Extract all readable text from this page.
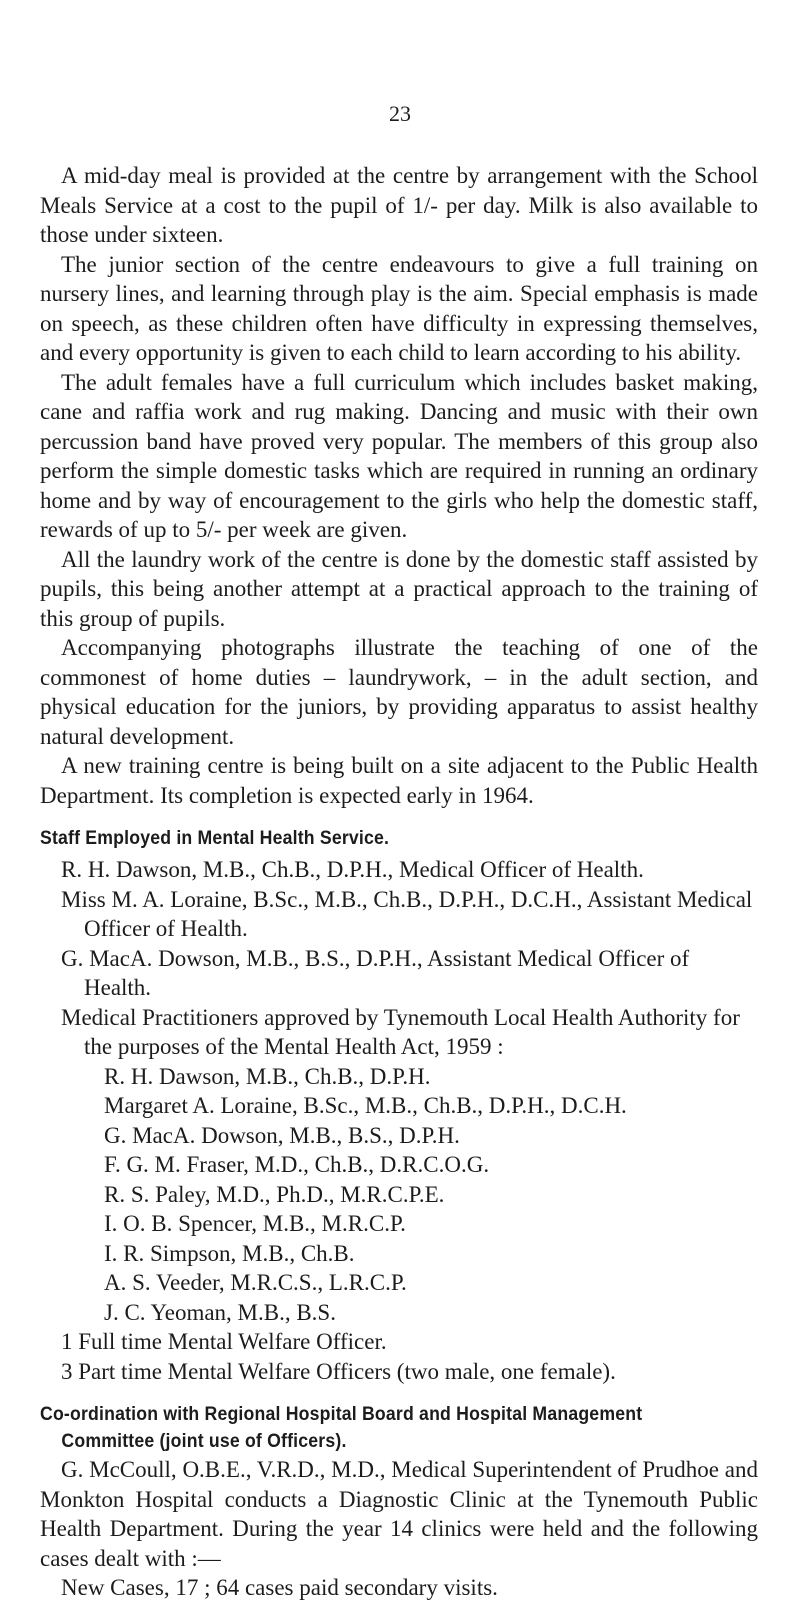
23

A mid-day meal is provided at the centre by arrangement with the School Meals Service at a cost to the pupil of 1/- per day. Milk is also available to those under sixteen.

The junior section of the centre endeavours to give a full training on nursery lines, and learning through play is the aim. Special emphasis is made on speech, as these children often have difficulty in expressing themselves, and every opportunity is given to each child to learn according to his ability.

The adult females have a full curriculum which includes basket making, cane and raffia work and rug making. Dancing and music with their own percussion band have proved very popular. The members of this group also perform the simple domestic tasks which are required in running an ordinary home and by way of encouragement to the girls who help the domestic staff, rewards of up to 5/- per week are given.

All the laundry work of the centre is done by the domestic staff assisted by pupils, this being another attempt at a practical approach to the training of this group of pupils.

Accompanying photographs illustrate the teaching of one of the commonest of home duties – laundrywork, – in the adult section, and physical education for the juniors, by providing apparatus to assist healthy natural development.

A new training centre is being built on a site adjacent to the Public Health Department. Its completion is expected early in 1964.

Staff Employed in Mental Health Service.

R. H. Dawson, M.B., Ch.B., D.P.H., Medical Officer of Health.

Miss M. A. Loraine, B.Sc., M.B., Ch.B., D.P.H., D.C.H., Assistant Medical Officer of Health.

G. MacA. Dowson, M.B., B.S., D.P.H., Assistant Medical Officer of Health.

Medical Practitioners approved by Tynemouth Local Health Authority for the purposes of the Mental Health Act, 1959 :

R. H. Dawson, M.B., Ch.B., D.P.H.

Margaret A. Loraine, B.Sc., M.B., Ch.B., D.P.H., D.C.H.

G. MacA. Dowson, M.B., B.S., D.P.H.

F. G. M. Fraser, M.D., Ch.B., D.R.C.O.G.

R. S. Paley, M.D., Ph.D., M.R.C.P.E.

I. O. B. Spencer, M.B., M.R.C.P.

I. R. Simpson, M.B., Ch.B.

A. S. Veeder, M.R.C.S., L.R.C.P.

J. C. Yeoman, M.B., B.S.

1 Full time Mental Welfare Officer.

3 Part time Mental Welfare Officers (two male, one female).

Co-ordination with Regional Hospital Board and Hospital Management
Committee (joint use of Officers).

G. McCoull, O.B.E., V.R.D., M.D., Medical Superintendent of Prudhoe and Monkton Hospital conducts a Diagnostic Clinic at the Tynemouth Public Health Department. During the year 14 clinics were held and the following cases dealt with :—

New Cases, 17 ; 64 cases paid secondary visits.
